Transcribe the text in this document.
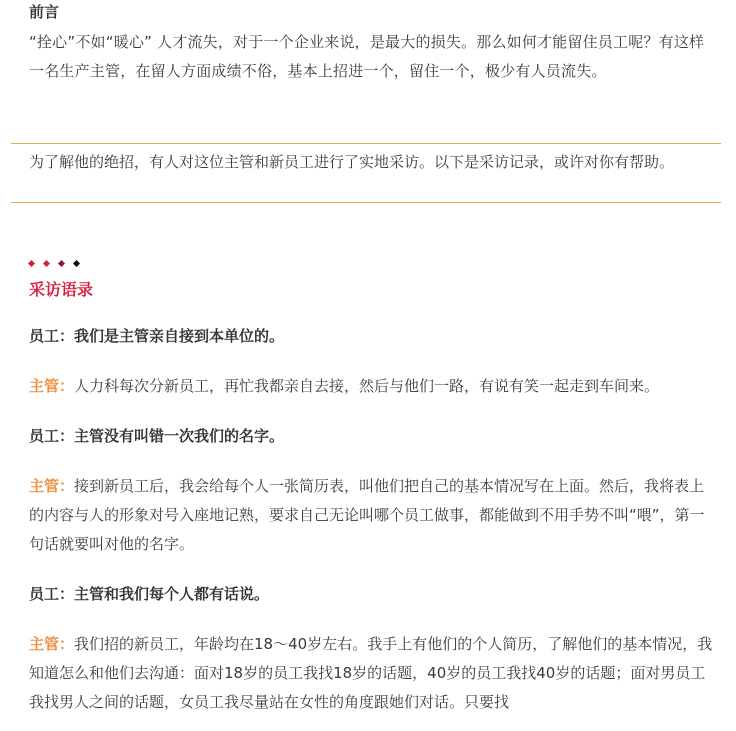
前言
“拴心”不如“暖心” 人才流失，对于一个企业来说，是最大的损失。那么如何才能留住员工呢？有这样一名生产主管，在留人方面成绩不俗，基本上招进一个，留住一个，极少有人员流失。
为了解他的绝招，有人对这位主管和新员工进行了实地采访。以下是采访记录，或许对你有帮助。
采访语录
员工：我们是主管亲自接到本单位的。
主管：人力科每次分新员工，再忙我都亲自去接，然后与他们一路，有说有笑一起走到车间来。
员工：主管没有叫错一次我们的名字。
主管：接到新员工后，我会给每个人一张简历表，叫他们把自己的基本情况写在上面。然后，我将表上的内容与人的形象对号入座地记熟，要求自己无论叫哪个员工做事，都能做到不用手势不叫“喂”，第一句话就要叫对他的名字。
员工：主管和我们每个人都有话说。
主管：我们招的新员工，年龄均在18～40岁左右。我手上有他们的个人简历，了解他们的基本情况，我知道怎么和他们去沟通：面对18岁的员工我找18岁的话题，40岁的员工我找40岁的话题；面对男员工我找男人之间的话题，女员工我尽量站在女性的角度跟她们对话。只要找
